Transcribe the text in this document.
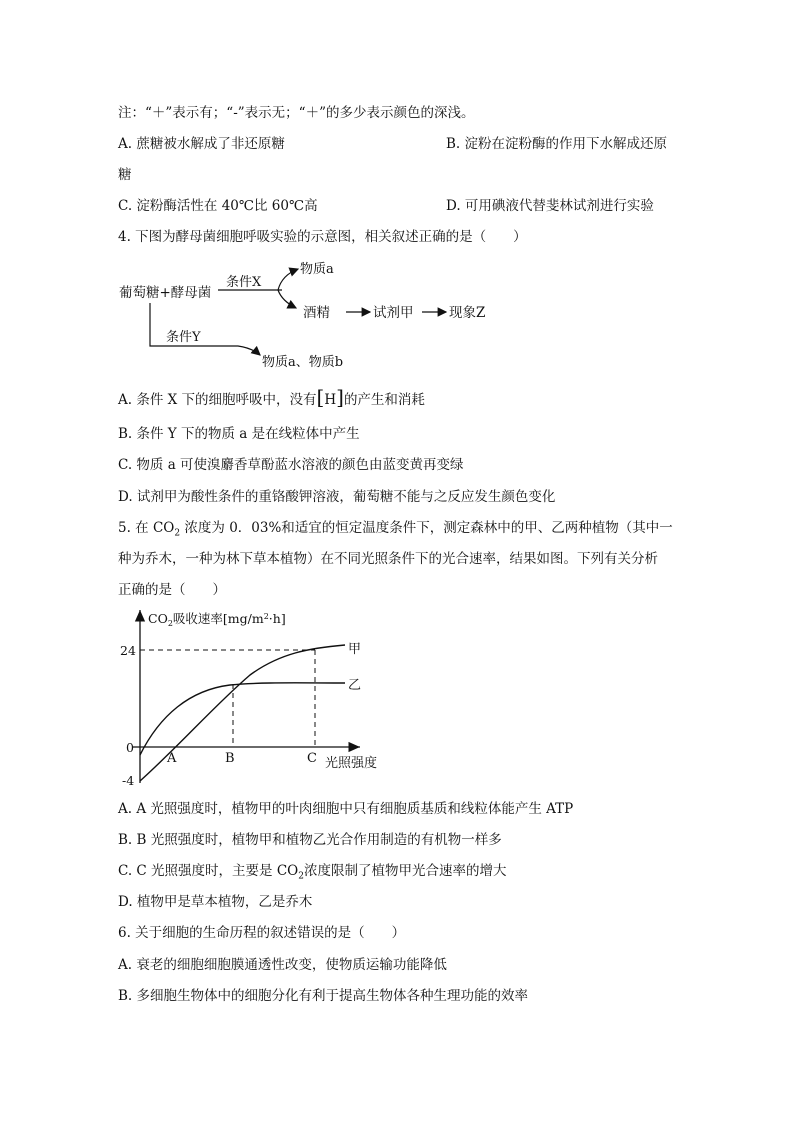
注：“＋”表示有；“-”表示无；“＋”的多少表示颜色的深浅。
A. 蔗糖被水解成了非还原糖	B. 淀粉在淀粉酶的作用下水解成还原
糖
C. 淀粉酶活性在 40℃比 60℃高	D. 可用碘液代替斐林试剂进行实验
4. 下图为酵母菌细胞呼吸实验的示意图，相关叙述正确的是（　　）
葡萄糖+酵母菌
条件X
物质a
酒精	试剂甲	现象Z
条件Y
物质a、物质b
A. 条件 X 下的细胞呼吸中，没有[H]的产生和消耗
B. 条件 Y 下的物质 a 是在线粒体中产生
C. 物质 a 可使溴麝香草酚蓝水溶液的颜色由蓝变黄再变绿
D. 试剂甲为酸性条件的重铬酸钾溶液，葡萄糖不能与之反应发生颜色变化
5. 在 $CO_2$ 浓度为 0．03%和适宜的恒定温度条件下，测定森林中的甲、乙两种植物（其中一
种为乔木，一种为林下草本植物）在不同光照条件下的光合速率，结果如图。下列有关分析
正确的是（　　）
$CO_2$吸收速率$[mg/m^2\cdot h]$
光照强度
24
0
-4
甲
乙
A	B	C
A. A 光照强度时，植物甲的叶肉细胞中只有细胞质基质和线粒体能产生 ATP
B. B 光照强度时，植物甲和植物乙光合作用制造的有机物一样多
C. C 光照强度时，主要是 $CO_2$浓度限制了植物甲光合速率的增大
D. 植物甲是草本植物，乙是乔木
6. 关于细胞的生命历程的叙述错误的是（　　）
A. 衰老的细胞细胞膜通透性改变，使物质运输功能降低
B. 多细胞生物体中的细胞分化有利于提高生物体各种生理功能的效率
